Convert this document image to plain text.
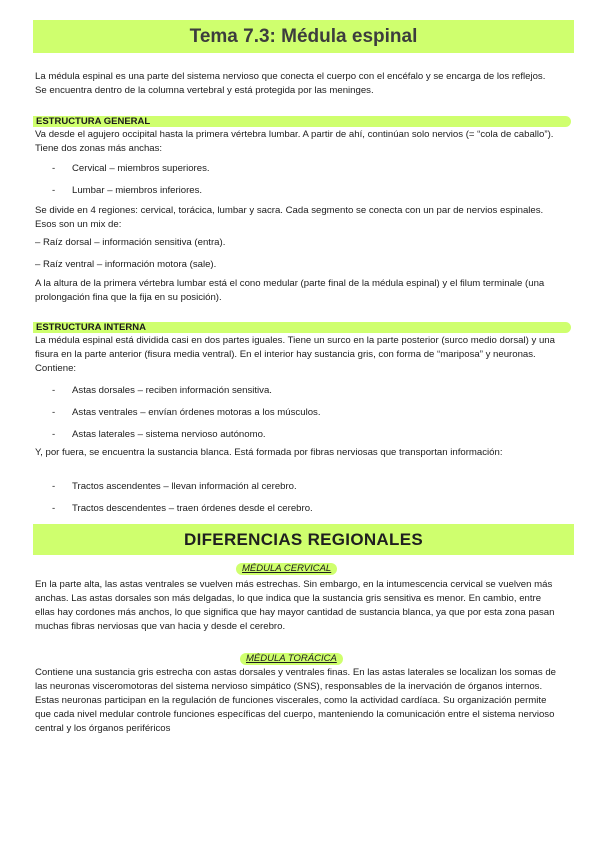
Tema 7.3: Médula espinal

La médula espinal es una parte del sistema nervioso que conecta el cuerpo con el encéfalo y se encarga de los reflejos. Se encuentra dentro de la columna vertebral y está protegida por las meninges.

ESTRUCTURA GENERAL

Va desde el agujero occipital hasta la primera vértebra lumbar. A partir de ahí, continúan solo nervios (= “cola de caballo”). Tiene dos zonas más anchas:

- Cervical – miembros superiores.
- Lumbar – miembros inferiores.

Se divide en 4 regiones: cervical, torácica, lumbar y sacra. Cada segmento se conecta con un par de nervios espinales. Esos son un mix de:

– Raíz dorsal – información sensitiva (entra).

– Raíz ventral – información motora (sale).

A la altura de la primera vértebra lumbar está el cono medular (parte final de la médula espinal) y el filum terminale (una prolongación fina que la fija en su posición).

ESTRUCTURA INTERNA

La médula espinal está dividida casi en dos partes iguales. Tiene un surco en la parte posterior (surco medio dorsal) y una fisura en la parte anterior (fisura media ventral). En el interior hay sustancia gris, con forma de “mariposa” y neuronas. Contiene:

- Astas dorsales – reciben información sensitiva.
- Astas ventrales – envían órdenes motoras a los músculos.
- Astas laterales – sistema nervioso autónomo.

Y, por fuera, se encuentra la sustancia blanca. Está formada por fibras nerviosas que transportan información:

- Tractos ascendentes – llevan información al cerebro.
- Tractos descendentes – traen órdenes desde el cerebro.
DIFERENCIAS REGIONALES
MÉDULA CERVICAL

En la parte alta, las astas ventrales se vuelven más estrechas. Sin embargo, en la intumescencia cervical se vuelven más anchas. Las astas dorsales son más delgadas, lo que indica que la sustancia gris sensitiva es menor. En cambio, entre ellas hay cordones más anchos, lo que significa que hay mayor cantidad de sustancia blanca, ya que por esta zona pasan muchas fibras nerviosas que van hacia y desde el cerebro.

MÉDULA TORÁCICA

Contiene una sustancia gris estrecha con astas dorsales y ventrales finas. En las astas laterales se localizan los somas de las neuronas visceromotoras del sistema nervioso simpático (SNS), responsables de la inervación de órganos internos. Estas neuronas participan en la regulación de funciones viscerales, como la actividad cardíaca. Su organización permite que cada nivel medular controle funciones específicas del cuerpo, manteniendo la comunicación entre el sistema nervioso central y los órganos periféricos
